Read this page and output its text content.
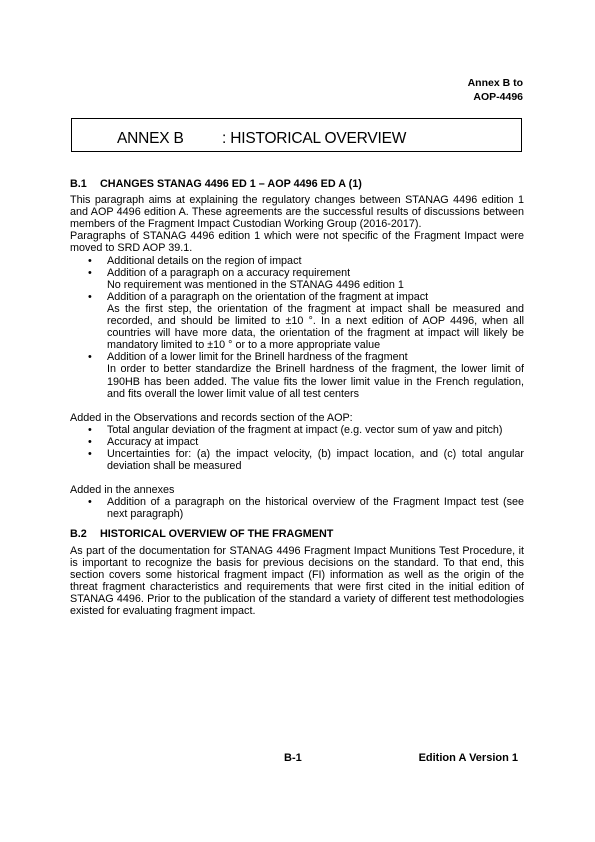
Annex B to
AOP-4496
ANNEX B : HISTORICAL OVERVIEW
B.1 CHANGES STANAG 4496 ED 1 – AOP 4496 ED A (1)

This paragraph aims at explaining the regulatory changes between STANAG 4496 edition 1 and AOP 4496 edition A. These agreements are the successful results of discussions between members of the Fragment Impact Custodian Working Group (2016-2017).

Paragraphs of STANAG 4496 edition 1 which were not specific of the Fragment Impact were moved to SRD AOP 39.1.

• Additional details on the region of impact
• Addition of a paragraph on a accuracy requirement
No requirement was mentioned in the STANAG 4496 edition 1
• Addition of a paragraph on the orientation of the fragment at impact
As the first step, the orientation of the fragment at impact shall be measured and recorded, and should be limited to ±10 °. In a next edition of AOP 4496, when all countries will have more data, the orientation of the fragment at impact will likely be mandatory limited to ±10 ° or to a more appropriate value
• Addition of a lower limit for the Brinell hardness of the fragment
In order to better standardize the Brinell hardness of the fragment, the lower limit of 190HB has been added. The value fits the lower limit value in the French regulation, and fits overall the lower limit value of all test centers

Added in the Observations and records section of the AOP:

• Total angular deviation of the fragment at impact (e.g. vector sum of yaw and pitch)
• Accuracy at impact
• Uncertainties for: (a) the impact velocity, (b) impact location, and (c) total angular deviation shall be measured

Added in the annexes

• Addition of a paragraph on the historical overview of the Fragment Impact test (see next paragraph)
B.2 HISTORICAL OVERVIEW OF THE FRAGMENT

As part of the documentation for STANAG 4496 Fragment Impact Munitions Test Procedure, it is important to recognize the basis for previous decisions on the standard. To that end, this section covers some historical fragment impact (FI) information as well as the origin of the threat fragment characteristics and requirements that were first cited in the initial edition of STANAG 4496. Prior to the publication of the standard a variety of different test methodologies existed for evaluating fragment impact.

B-1	Edition A Version 1
